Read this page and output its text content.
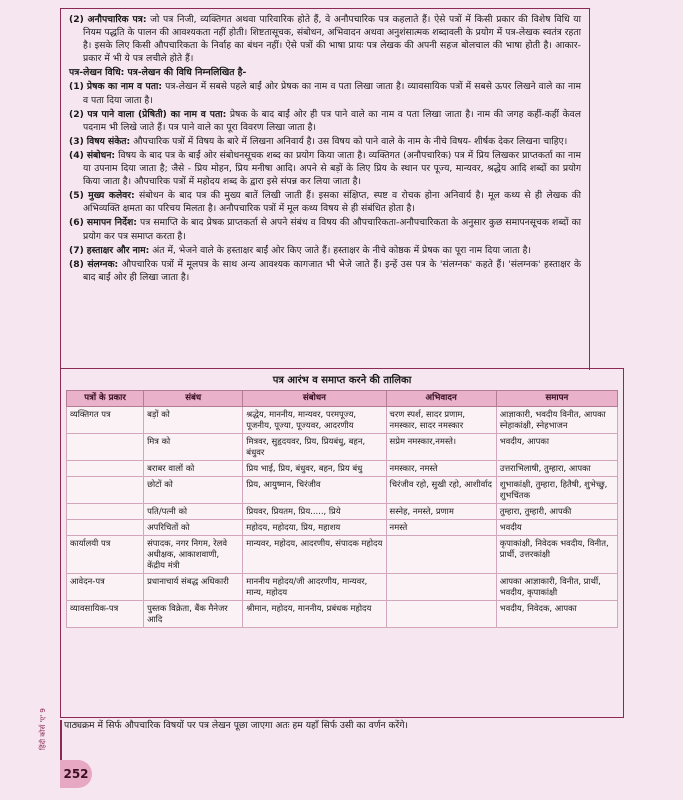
(2) अनौपचारिक पत्र: जो पत्र निजी, व्यक्तिगत अथवा पारिवारिक होते हैं, वे अनौपचारिक पत्र कहलाते हैं। ऐसे पत्रों में किसी प्रकार की विशेष विधि या नियम पद्धति के पालन की आवश्यकता नहीं होती। शिष्टतासूचक, संबोधन, अभिवादन अथवा अनुशंसात्मक शब्दावली के प्रयोग में पत्र-लेखक स्वतंत्र रहता है। इसके लिए किसी औपचारिकता के निर्वाह का बंधन नहीं। ऐसे पत्रों की भाषा प्रायः पत्र लेखक की अपनी सहज बोलचाल की भाषा होती है। आकार-प्रकार में भी ये पत्र लचीले होते हैं।

पत्र-लेखन विधि: पत्र-लेखन की विधि निम्नलिखित है-

(1) प्रेषक का नाम व पता: पत्र-लेखन में सबसे पहले बाईं ओर प्रेषक का नाम व पता लिखा जाता है। व्यावसायिक पत्रों में सबसे ऊपर लिखने वाले का नाम व पता दिया जाता है।

(2) पत्र पाने वाला (प्रेषिती) का नाम व पता: प्रेषक के बाद बाईं ओर ही पत्र पाने वाले का नाम व पता लिखा जाता है। नाम की जगह कहीं-कहीं केवल पदनाम भी लिखे जाते हैं। पत्र पाने वाले का पूरा विवरण लिखा जाता है।

(3) विषय संकेत: औपचारिक पत्रों में विषय के बारे में लिखना अनिवार्य है। उस विषय को पाने वाले के नाम के नीचे विषय- शीर्षक देकर लिखना चाहिए।

(4) संबोधन: विषय के बाद पत्र के बाईं ओर संबोधनसूचक शब्द का प्रयोग किया जाता है। व्यक्तिगत (अनौपचारिक) पत्र में प्रिय लिखकर प्राप्तकर्ता का नाम या उपनाम दिया जाता है; जैसे - प्रिय मोहन, प्रिय मनीषा आदि। अपने से बड़ों के लिए प्रिय के स्थान पर पूज्य, मान्यवर, श्रद्धेय आदि शब्दों का प्रयोग किया जाता है। औपचारिक पत्रों में महोदय शब्द के द्वारा इसे संपन्न कर लिया जाता है।

(5) मुख्य कलेवर: संबोधन के बाद पत्र की मुख्य बातें लिखी जाती हैं। इसका संक्षिप्त, स्पष्ट व रोचक होना अनिवार्य है। मूल कथ्य से ही लेखक की अभिव्यक्ति क्षमता का परिचय मिलता है। अनौपचारिक पत्रों में मूल कथ्य विषय से ही संबंधित होता है।

(6) समापन निर्देश: पत्र समाप्ति के बाद प्रेषक प्राप्तकर्ता से अपने संबंध व विषय की औपचारिकता-अनौपचारिकता के अनुसार कुछ समापनसूचक शब्दों का प्रयोग कर पत्र समाप्त करता है।

(7) हस्ताक्षर और नाम: अंत में, भेजने वाले के हस्ताक्षर बाईं ओर किए जाते हैं। हस्ताक्षर के नीचे कोष्ठक में प्रेषक का पूरा नाम दिया जाता है।

(8) संलग्नक: औपचारिक पत्रों में मूलपत्र के साथ अन्य आवश्यक कागजात भी भेजे जाते हैं। इन्हें उस पत्र के 'संलग्नक' कहते हैं। 'संलग्नक' हस्ताक्षर के बाद बाईं ओर ही लिखा जाता है।

पत्र आरंभ व समाप्त करने की तालिका
पत्रों के प्रकार	संबंध	संबोधन	अभिवादन	समापन
व्यक्तिगत पत्र	बड़ों को	श्रद्धेय, माननीय, मान्यवर, परमपूज्य, पूजनीय, पूज्या, पूज्यवर, आदरणीय	चरण स्पर्श, सादर प्रणाम, नमस्कार, सादर नमस्कार	आज्ञाकारी, भवदीय विनीत, आपका स्नेहाकांक्षी, स्नेहभाजन
	मित्र को	मित्रवर, सुहृदयवर, प्रिय, प्रियबंधु, बहन, बंधुवर	सप्रेम नमस्कार,नमस्ते।	भवदीय, आपका
	बराबर वालों को	प्रिय भाई, प्रिय, बंधुवर, बहन, प्रिय बंधु	नमस्कार, नमस्ते	उत्तराभिलाषी, तुम्हारा, आपका
	छोटों को	प्रिय, आयुष्मान, चिरंजीव	चिरंजीव रहो, सुखी रहो, आशीर्वाद	शुभाकांक्षी, तुम्हारा, हितैषी, शुभेच्छु, शुभचिंतक
	पति/पत्नी को	प्रियवर, प्रियतम, प्रिय....., प्रिये	सस्नेह, नमस्ते, प्रणाम	तुम्हारा, तुम्हारी, आपकी
	अपरिचितों को	महोदय, महोदया, प्रिय, महाशय	नमस्ते	भवदीय
कार्यालयी पत्र	संपादक, नगर निगम, रेलवे अधीक्षक, आकाशवाणी, केंद्रीय मंत्री	मान्यवर, महोदय, आदरणीय, संपादक महोदय		कृपाकांक्षी, निवेदक भवदीय, विनीत, प्रार्थी, उत्तरकांक्षी
आवेदन-पत्र	प्रधानाचार्य संबद्ध अधिकारी	माननीय महोदय/जी आदरणीय, मान्यवर, मान्य, महोदय		आपका आज्ञाकारी, विनीत, प्रार्थी, भवदीय, कृपाकांक्षी
व्यावसायिक-पत्र	पुस्तक विक्रेता, बैंक मैनेजर आदि	श्रीमान, महोदय, माननीय, प्रबंधक महोदय		भवदीय, निवेदक, आपका
पाठ्यक्रम में सिर्फ औपचारिक विषयों पर पत्र लेखन पूछा जाएगा अतः हम यहाँ सिर्फ उसी का वर्णन करेंगे।
हिंदी कोर्स 'ए' 9
252
